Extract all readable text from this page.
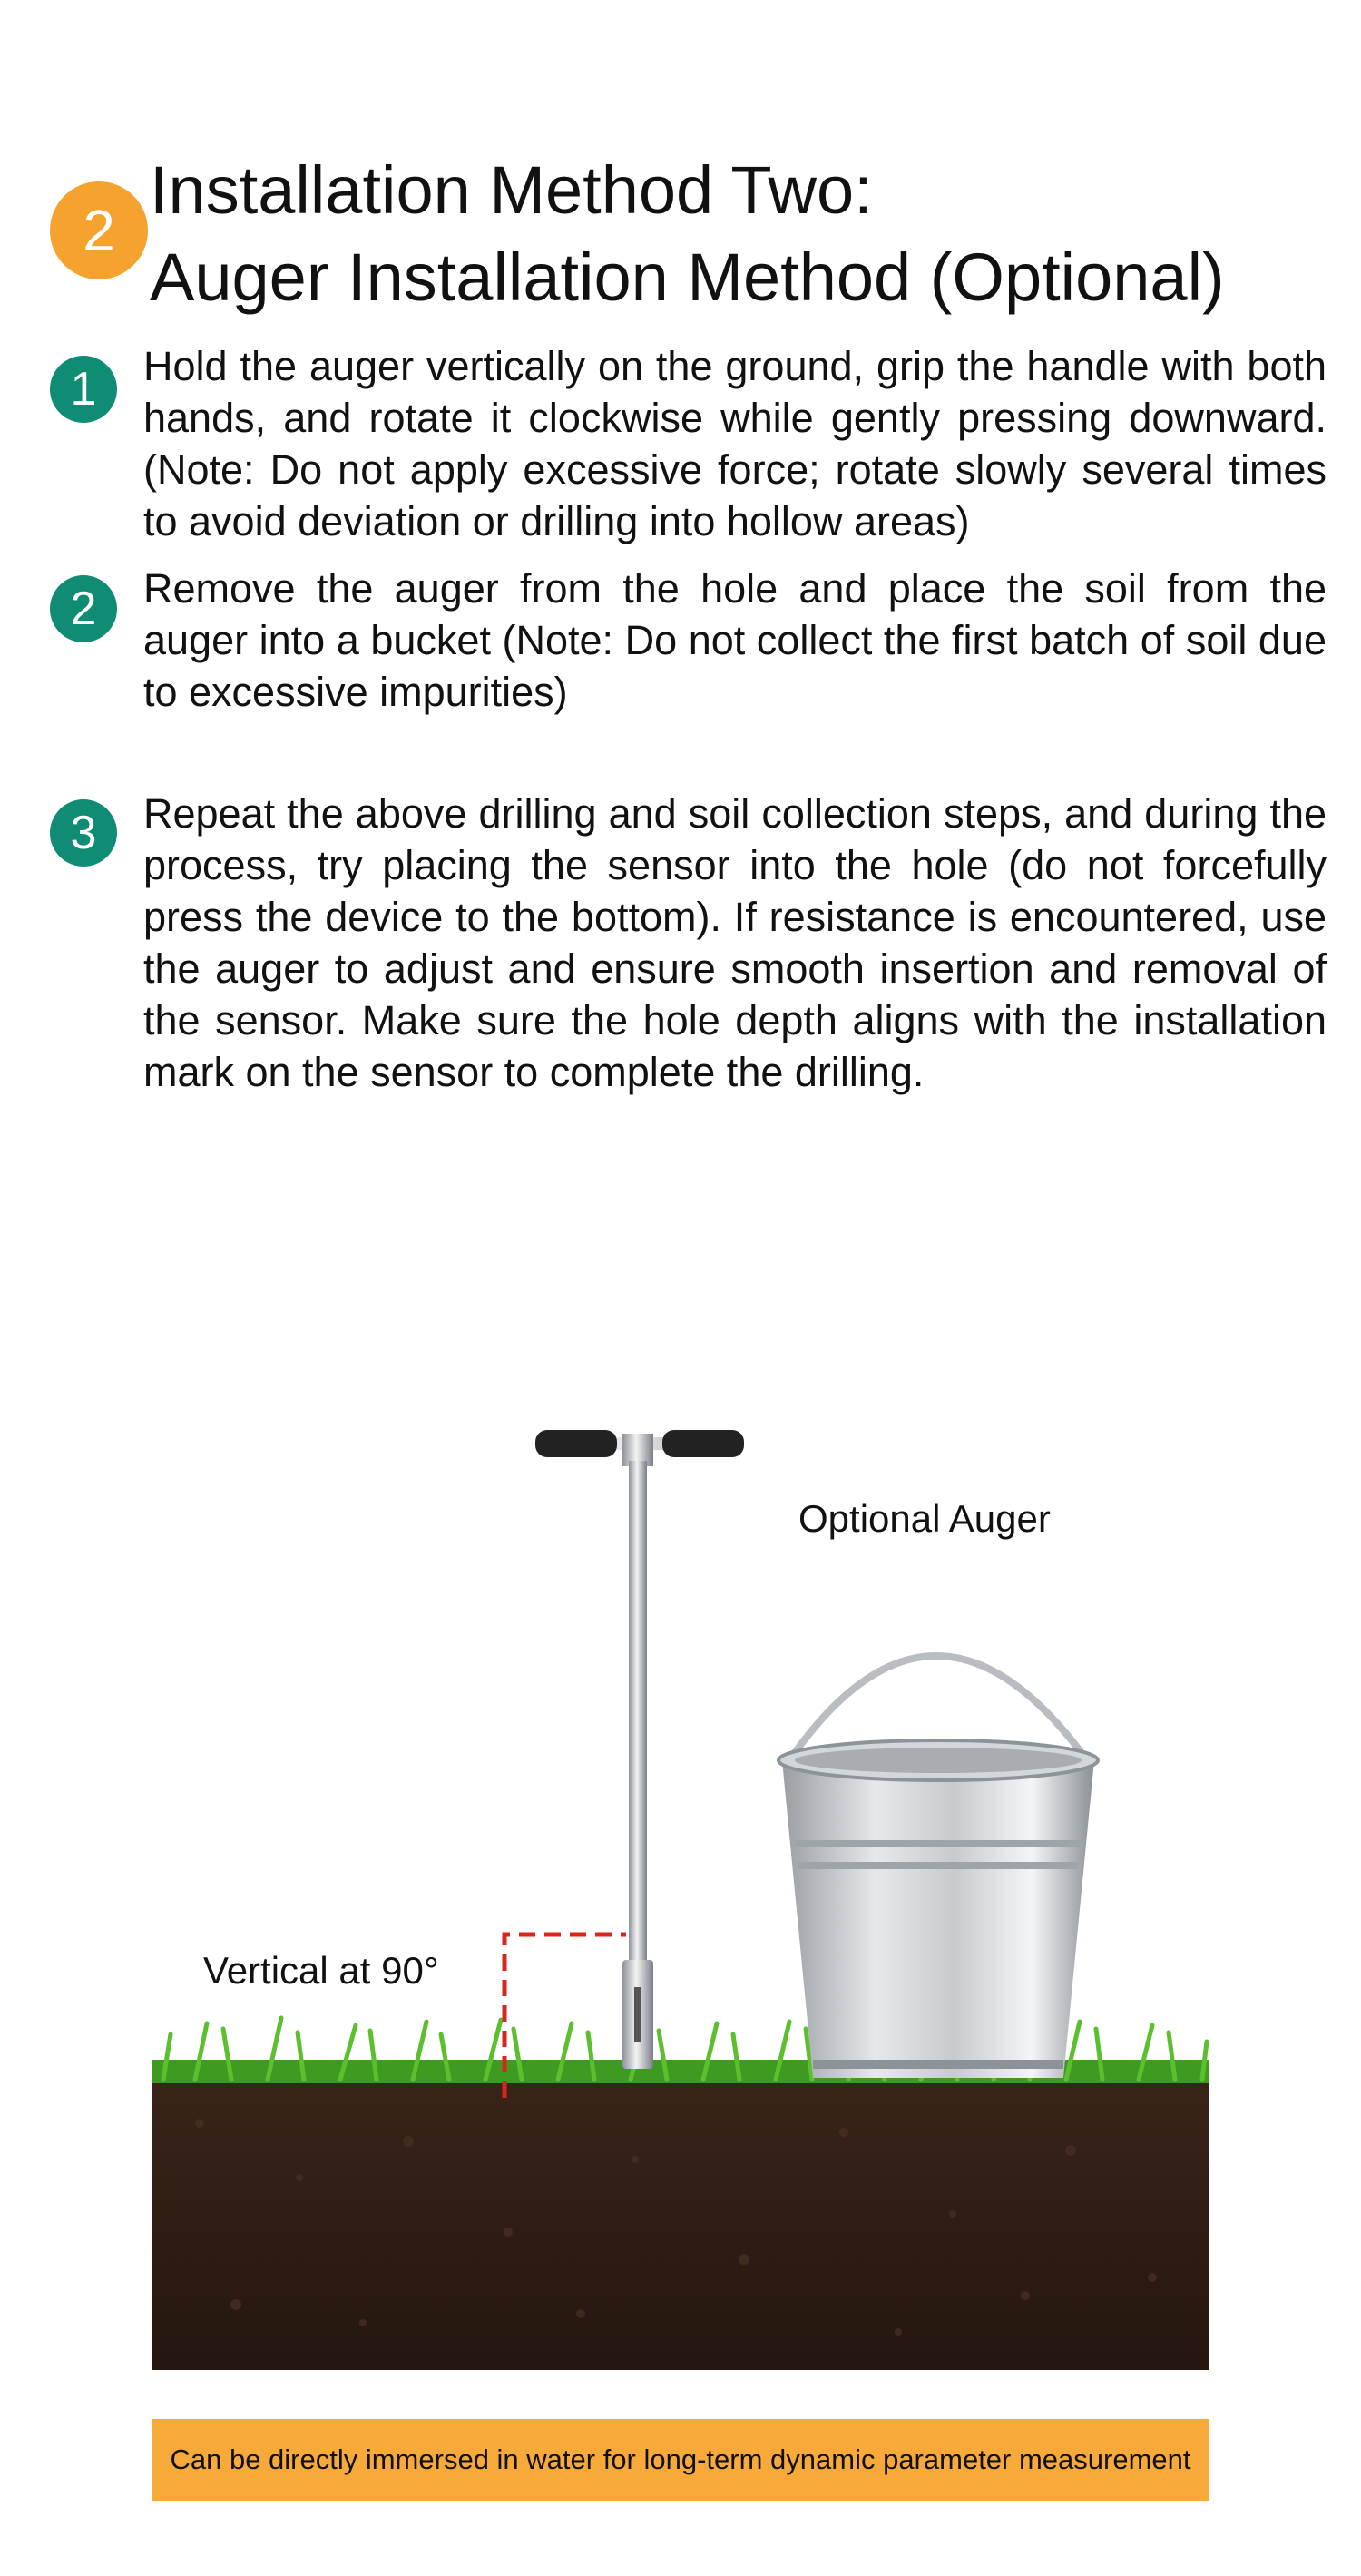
2
Installation Method Two:
Auger Installation Method (Optional)
1	Hold the auger vertically on the ground, grip the handle with both hands, and rotate it clockwise while gently pressing downward. (Note: Do not apply excessive force; rotate slowly several times to avoid deviation or drilling into hollow areas)

2	Remove the auger from the hole and place the soil from the auger into a bucket (Note: Do not collect the first batch of soil due to excessive impurities)

3	Repeat the above drilling and soil collection steps, and during the process, try placing the sensor into the hole (do not forcefully press the device to the bottom). If resistance is encountered, use the auger to adjust and ensure smooth insertion and removal of the sensor. Make sure the hole depth aligns with the installation mark on the sensor to complete the drilling.

Optional Auger
Vertical at 90°
Can be directly immersed in water for long-term dynamic parameter measurement
